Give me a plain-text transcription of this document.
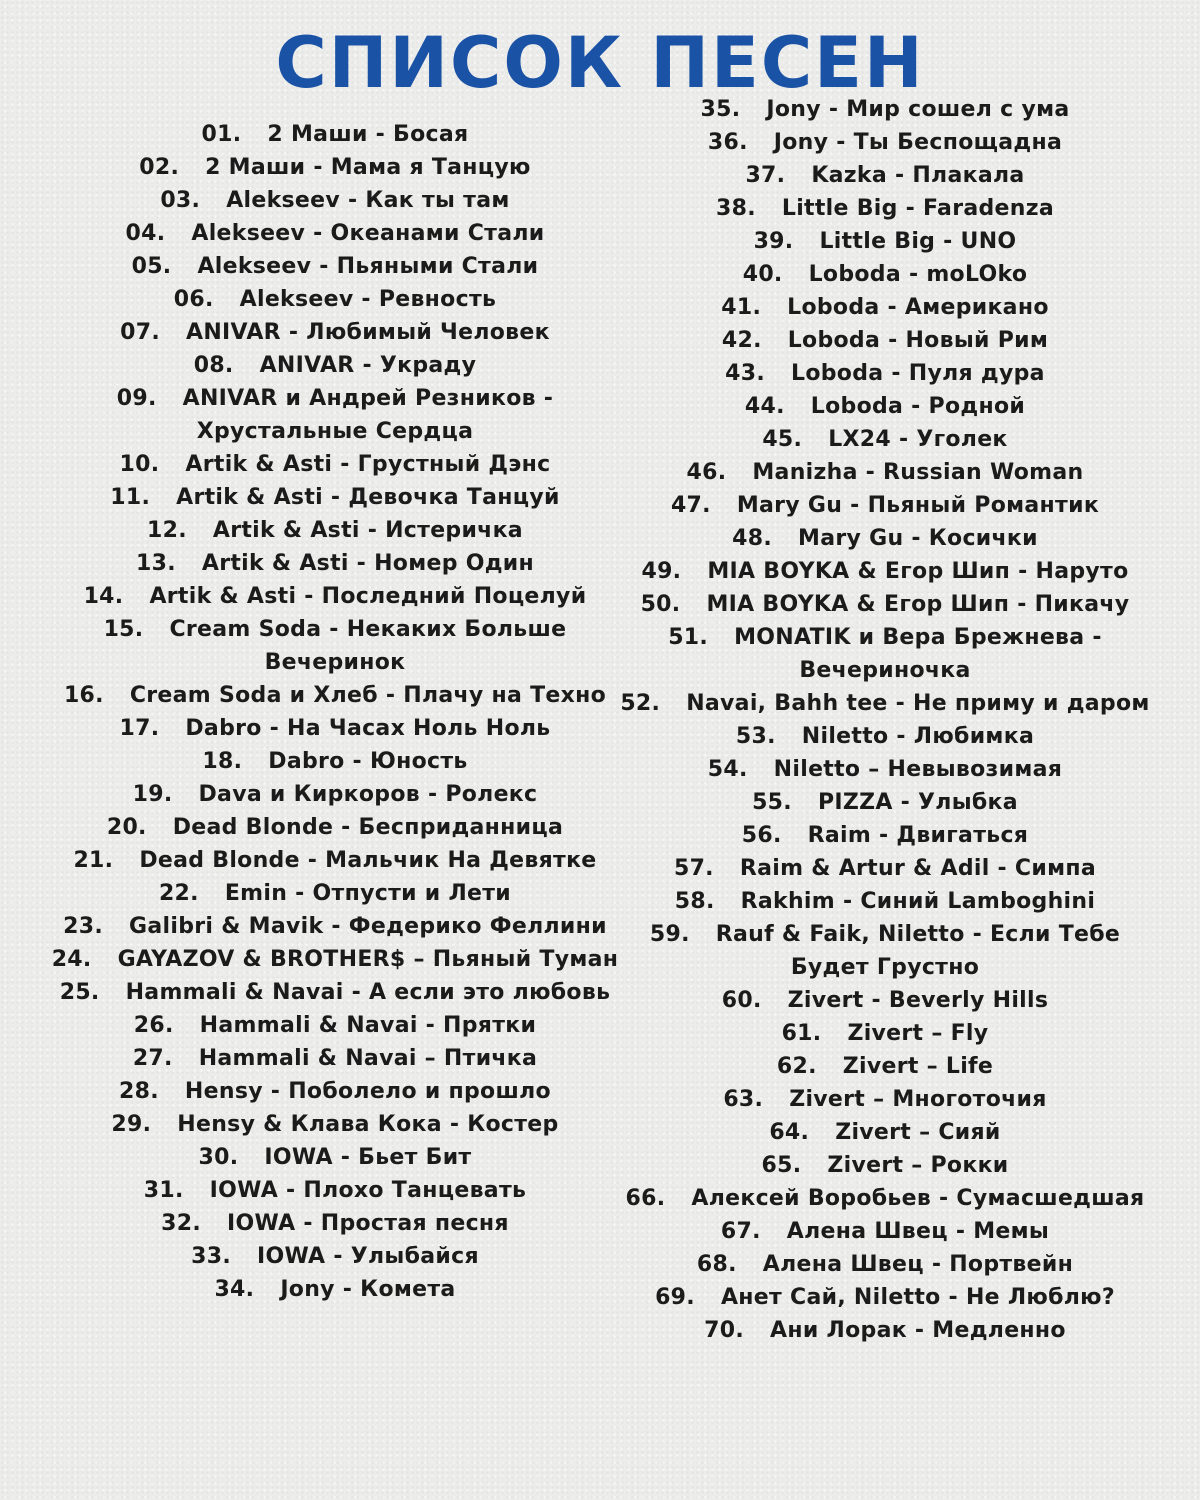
СПИСОК ПЕСЕН
01. 2 Маши - Босая
02. 2 Маши - Мама я Танцую
03. Alekseev - Как ты там
04. Alekseev - Океанами Стали
05. Alekseev - Пьяными Стали
06. Alekseev - Ревность
07. ANIVAR - Любимый Человек
08. ANIVAR - Украду
09. ANIVAR и Андрей Резников - Хрустальные Сердца
10. Artik & Asti - Грустный Дэнс
11. Artik & Asti - Девочка Танцуй
12. Artik & Asti - Истеричка
13. Artik & Asti - Номер Один
14. Artik & Asti - Последний Поцелуй
15. Cream Soda - Некаких Больше Вечеринок
16. Cream Soda и Хлеб - Плачу на Техно
17. Dabro - На Часах Ноль Ноль
18. Dabro - Юность
19. Dava и Киркоров - Ролекс
20. Dead Blonde - Бесприданница
21. Dead Blonde - Мальчик На Девятке
22. Emin - Отпусти и Лети
23. Galibri & Mavik - Федерико Феллини
24. GAYAZOV & BROTHER$ – Пьяный Туман
25. Hammali & Navai - А если это любовь
26. Hammali & Navai - Прятки
27. Hammali & Navai – Птичка
28. Hensy - Поболело и прошло
29. Hensy & Клава Кока - Костер
30. IOWA - Бьет Бит
31. IOWA - Плохо Танцевать
32. IOWA - Простая песня
33. IOWA - Улыбайся
34. Jony - Комета
35. Jony - Мир сошел с ума
36. Jony - Ты Беспощадна
37. Kazka - Плакала
38. Little Big - Faradenza
39. Little Big - UNO
40. Loboda - moLOko
41. Loboda - Американо
42. Loboda - Новый Рим
43. Loboda - Пуля дура
44. Loboda - Родной
45. LX24 - Уголек
46. Manizha - Russian Woman
47. Mary Gu - Пьяный Романтик
48. Mary Gu - Косички
49. MIA BOYKA & Егор Шип - Наруто
50. MIA BOYKA & Егор Шип - Пикачу
51. MONATIK и Вера Брежнева - Вечериночка
52. Navai, Bahh tee - Не приму и даром
53. Niletto - Любимка
54. Niletto – Невывозимая
55. PIZZA - Улыбка
56. Raim - Двигаться
57. Raim & Artur & Adil - Симпа
58. Rakhim - Синий Lamboghini
59. Rauf & Faik, Niletto - Если Тебе Будет Грустно
60. Zivert - Beverly Hills
61. Zivert – Fly
62. Zivert – Life
63. Zivert – Многоточия
64. Zivert – Сияй
65. Zivert – Рокки
66. Алексей Воробьев - Сумасшедшая
67. Алена Швец - Мемы
68. Алена Швец - Портвейн
69. Анет Сай, Niletto - Не Люблю?
70. Ани Лорак - Медленно
